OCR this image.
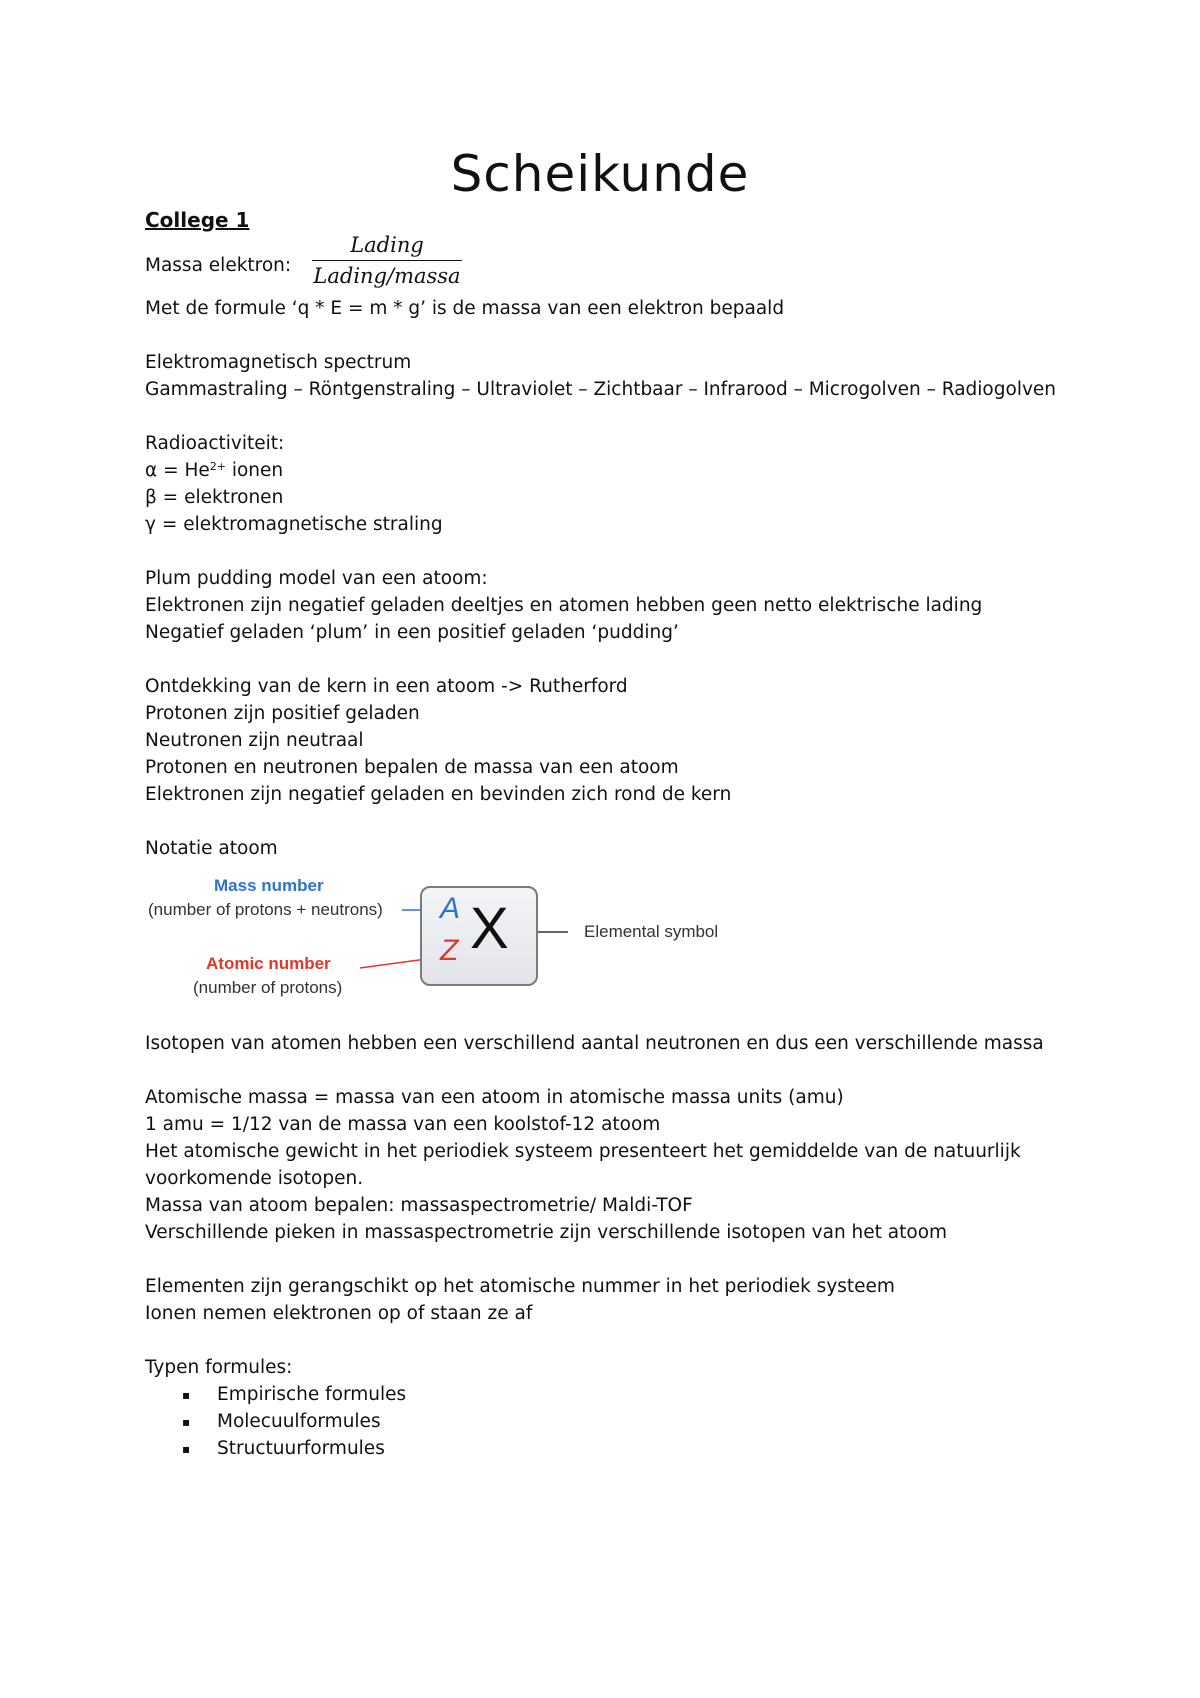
Scheikunde
College 1
Massa elektron:
Lading
Lading/massa
Met de formule ‘q * E = m * g’ is de massa van een elektron bepaald
Elektromagnetisch spectrum
Gammastraling – Röntgenstraling – Ultraviolet – Zichtbaar – Infrarood – Microgolven – Radiogolven
Radioactiviteit:
$\alpha = He^{2+}$ ionen
β = elektronen
γ = elektromagnetische straling
Plum pudding model van een atoom:
Elektronen zijn negatief geladen deeltjes en atomen hebben geen netto elektrische lading
Negatief geladen ‘plum’ in een positief geladen ‘pudding’
Ontdekking van de kern in een atoom -> Rutherford
Protonen zijn positief geladen
Neutronen zijn neutraal
Protonen en neutronen bepalen de massa van een atoom
Elektronen zijn negatief geladen en bevinden zich rond de kern
Notatie atoom
Mass number
(number of protons + neutrons)
Atomic number
(number of protons)
A
Z X	Elemental symbol
Isotopen van atomen hebben een verschillend aantal neutronen en dus een verschillende massa
Atomische massa = massa van een atoom in atomische massa units (amu)
1 amu = 1/12 van de massa van een koolstof-12 atoom
Het atomische gewicht in het periodiek systeem presenteert het gemiddelde van de natuurlijk
voorkomende isotopen.
Massa van atoom bepalen: massaspectrometrie/ Maldi-TOF
Verschillende pieken in massaspectrometrie zijn verschillende isotopen van het atoom
Elementen zijn gerangschikt op het atomische nummer in het periodiek systeem
Ionen nemen elektronen op of staan ze af
Typen formules:
▪ Empirische formules
▪ Molecuulformules
▪ Structuurformules
